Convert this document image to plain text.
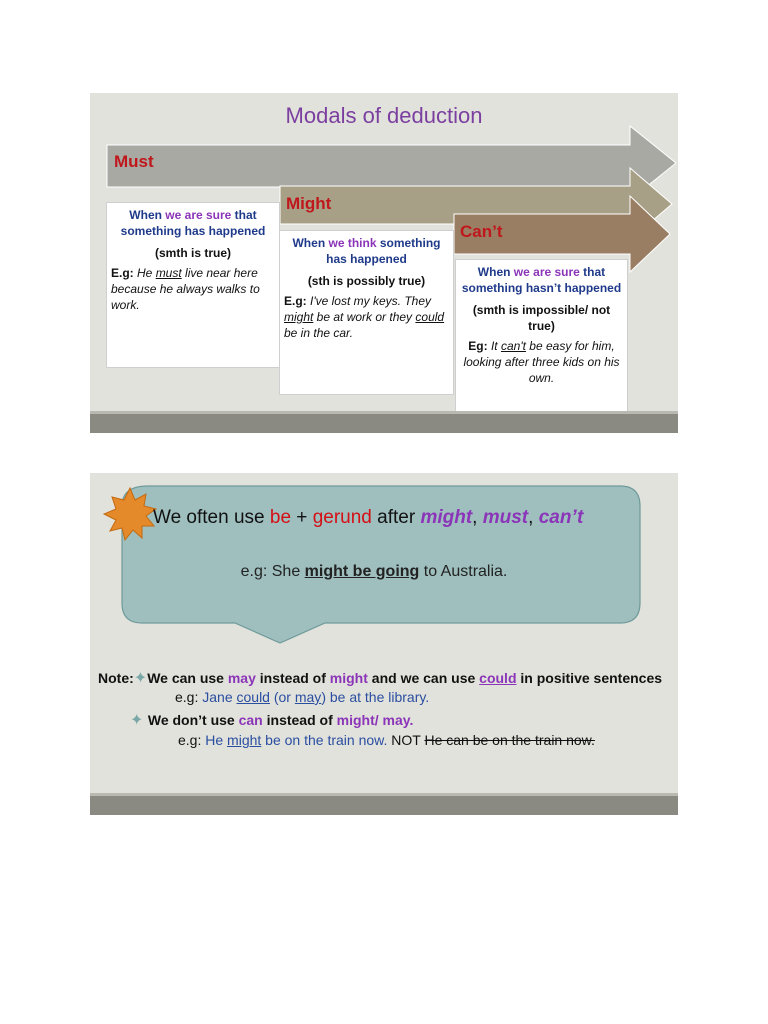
Modals of deduction
Must
Might
Can’t
When we are sure that something has happened
(smth is true)
E.g: He must live near here because he always walks to work.
When we think something has happened
(sth is possibly true)
E.g: I've lost my keys. They might be at work or they could be in the car.
When we are sure that something hasn’t happened
(smth is impossible/ not true)
Eg: It can't be easy for him, looking after three kids on his own.
We often use be + gerund after might, must, can’t
e.g: She might be going to Australia.
Note:✦We can use may instead of might and we can use could in positive sentences
e.g: Jane could (or may) be at the library.
✦ We don’t use can instead of might/ may.
e.g: He might be on the train now. NOT He can be on the train now.
